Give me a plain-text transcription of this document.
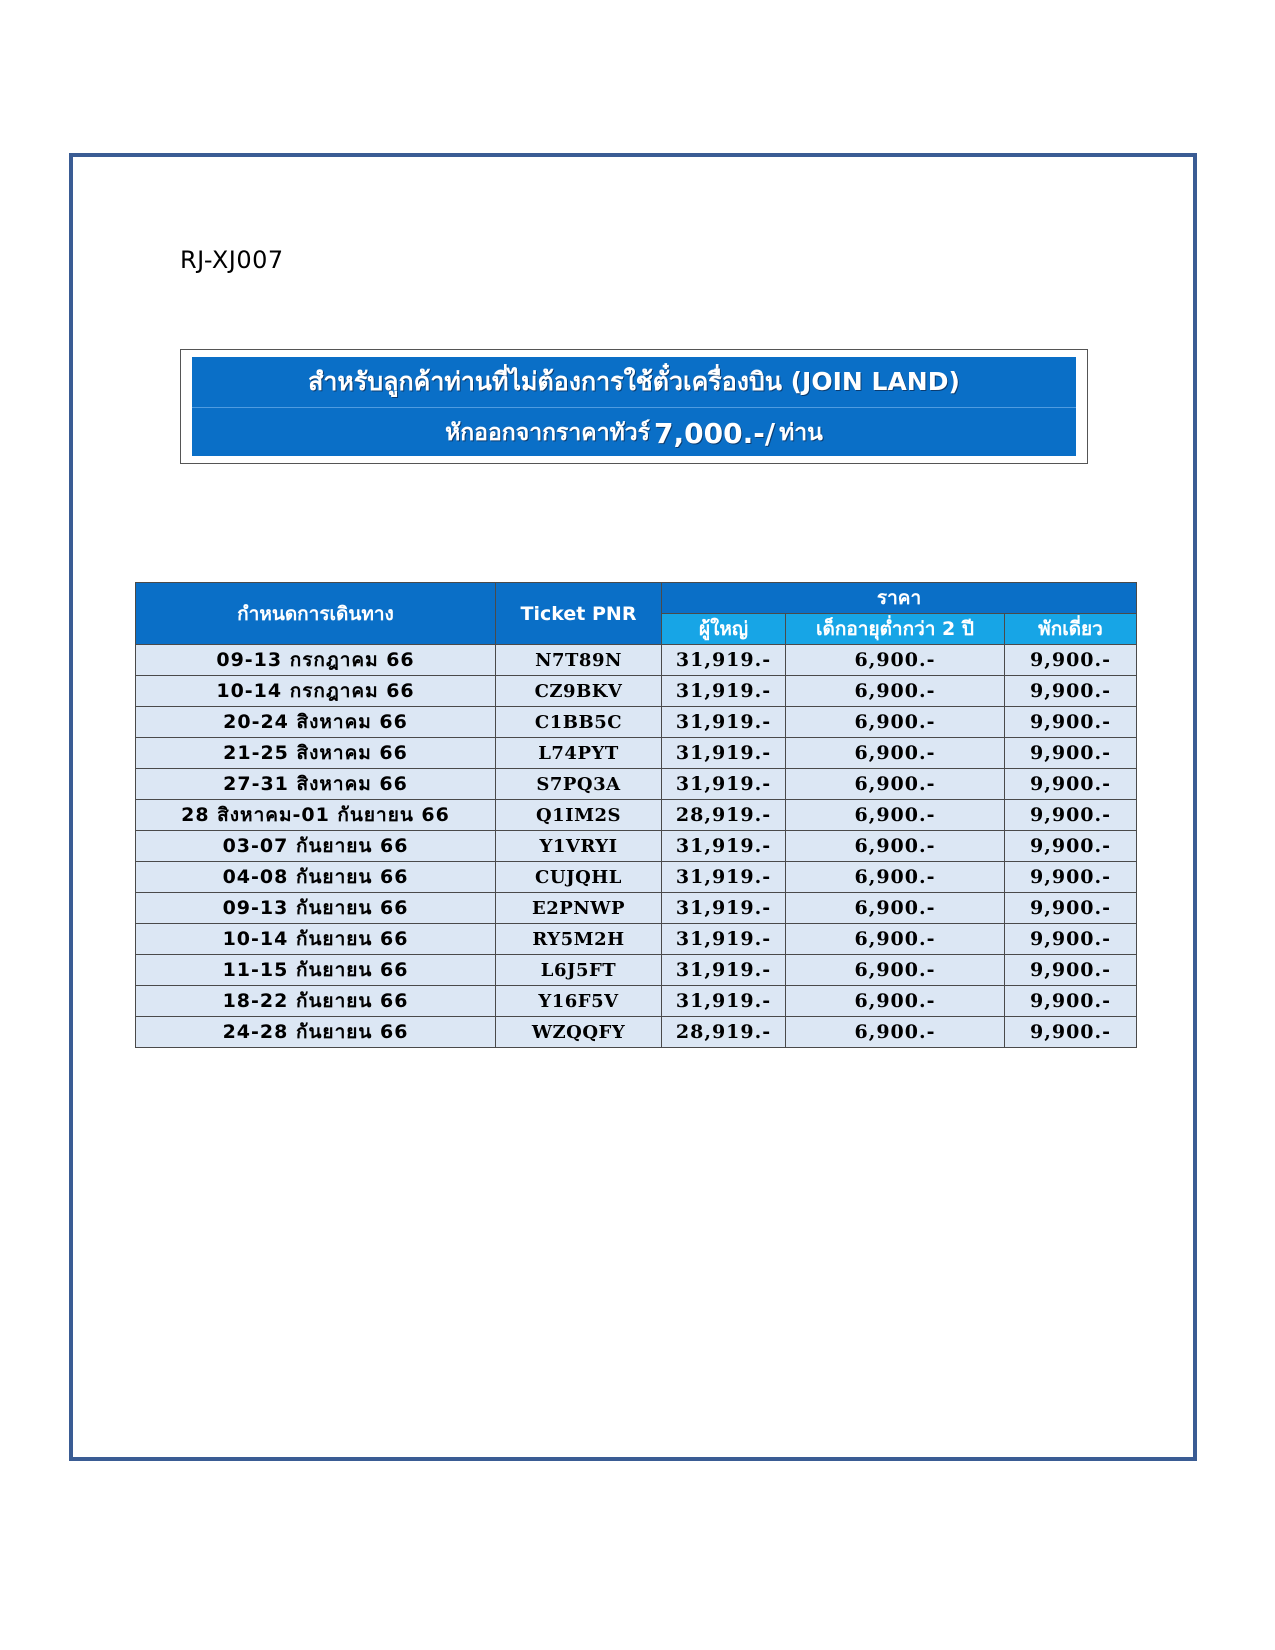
RJ-XJ007
สำหรับลูกค้าท่านที่ไม่ต้องการใช้ตั๋วเครื่องบิน (JOIN LAND)
หักออกจากราคาทัวร์ 7,000.-/ ท่าน
กำหนดการเดินทาง	Ticket PNR	ราคา		
		ผู้ใหญ่	เด็กอายุต่ำกว่า 2 ปี	พักเดี่ยว
09-13 กรกฎาคม 66	N7T89N	31,919.-	6,900.-	9,900.-
10-14 กรกฎาคม 66	CZ9BKV	31,919.-	6,900.-	9,900.-
20-24 สิงหาคม 66	C1BB5C	31,919.-	6,900.-	9,900.-
21-25 สิงหาคม 66	L74PYT	31,919.-	6,900.-	9,900.-
27-31 สิงหาคม 66	S7PQ3A	31,919.-	6,900.-	9,900.-
28 สิงหาคม-01 กันยายน 66	Q1IM2S	28,919.-	6,900.-	9,900.-
03-07 กันยายน 66	Y1VRYI	31,919.-	6,900.-	9,900.-
04-08 กันยายน 66	CUJQHL	31,919.-	6,900.-	9,900.-
09-13 กันยายน 66	E2PNWP	31,919.-	6,900.-	9,900.-
10-14 กันยายน 66	RY5M2H	31,919.-	6,900.-	9,900.-
11-15 กันยายน 66	L6J5FT	31,919.-	6,900.-	9,900.-
18-22 กันยายน 66	Y16F5V	31,919.-	6,900.-	9,900.-
24-28 กันยายน 66	WZQQFY	28,919.-	6,900.-	9,900.-
